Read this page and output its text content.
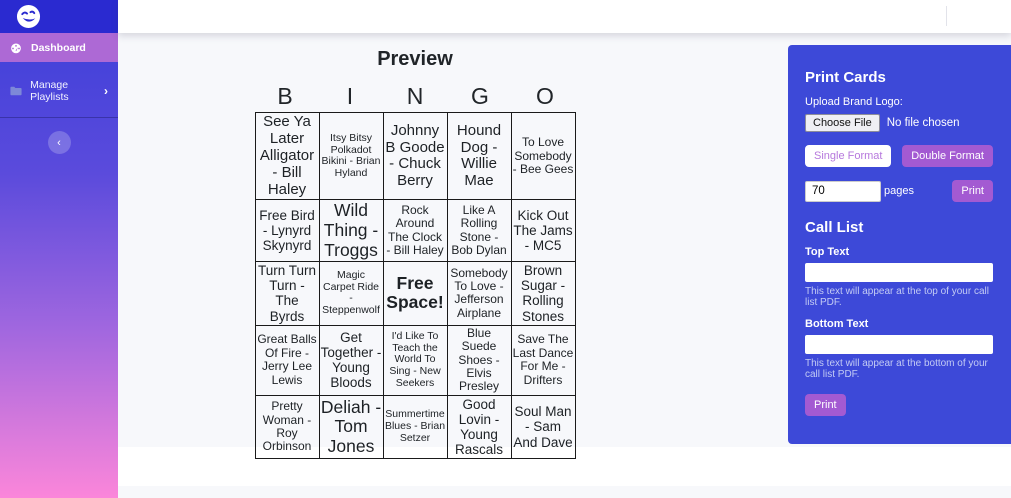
Dashboard
Manage Playlists	›
‹
Preview
B	I	N	G	O
See Ya Later Alligator - Bill Haley	Itsy Bitsy Polkadot Bikini - Brian Hyland	Johnny B Goode - Chuck Berry	Hound Dog - Willie Mae	To Love Somebody - Bee Gees
Free Bird - Lynyrd Skynyrd	Wild Thing - Troggs	Rock Around The Clock - Bill Haley	Like A Rolling Stone - Bob Dylan	Kick Out The Jams - MC5
Turn Turn Turn - The Byrds	Magic Carpet Ride - Steppenwolf	Free Space!	Somebody To Love - Jefferson Airplane	Brown Sugar - Rolling Stones
Great Balls Of Fire - Jerry Lee Lewis	Get Together - Young Bloods	I'd Like To Teach the World To Sing - New Seekers	Blue Suede Shoes - Elvis Presley	Save The Last Dance For Me - Drifters
Pretty Woman - Roy Orbinson	Deliah - Tom Jones	Summertime Blues - Brian Setzer	Good Lovin - Young Rascals	Soul Man - Sam And Dave
Print Cards
Upload Brand Logo:
Choose File	No file chosen
Single Format	Double Format
70
pages	Print
Call List
Top Text
This text will appear at the top of your call list PDF.
Bottom Text
This text will appear at the bottom of your call list PDF.
Print
